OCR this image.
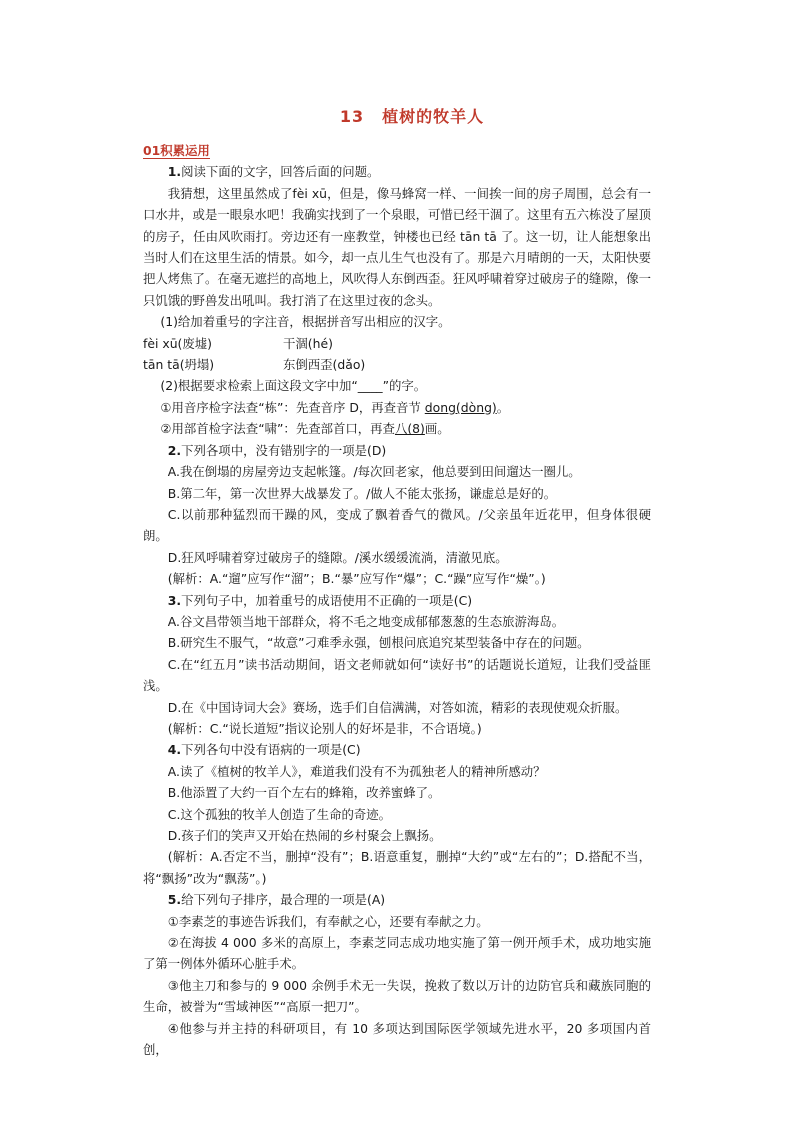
13 植树的牧羊人

01积累运用

1.阅读下面的文字，回答后面的问题。

我猜想，这里虽然成了fèi xū，但是，像马蜂窝一样、一间挨一间的房子周围，总会有一口水井，或是一眼泉水吧！我确实找到了一个泉眼，可惜已经干涸了。这里有五六栋没了屋顶的房子，任由风吹雨打。旁边还有一座教堂，钟楼也已经 tān tā 了。这一切，让人能想象出当时人们在这里生活的情景。如今，却一点儿生气也没有了。那是六月晴朗的一天，太阳快要把人烤焦了。在毫无遮拦的高地上，风吹得人东倒西歪。狂风呼啸着穿过破房子的缝隙，像一只饥饿的野兽发出吼叫。我打消了在这里过夜的念头。

(1)给加着重号的字注音，根据拼音写出相应的汉字。

fèi xū(废墟)	干涸(hé)

tān tā(坍塌)	东倒西歪(dǎo)

(2)根据要求检索上面这段文字中加“____”的字。

①用音序检字法查“栋”：先查音序 D，再查音节 dong(dòng)。

②用部首检字法查“啸”：先查部首口，再查八(8)画。

2.下列各项中，没有错别字的一项是(D)

A.我在倒塌的房屋旁边支起帐篷。/每次回老家，他总要到田间遛达一圈儿。

B.第二年，第一次世界大战暴发了。/做人不能太张扬，谦虚总是好的。

C.以前那种猛烈而干躁的风，变成了飘着香气的微风。/父亲虽年近花甲，但身体很硬朗。

D.狂风呼啸着穿过破房子的缝隙。/溪水缓缓流淌，清澈见底。

(解析：A.“遛”应写作“溜”；B.“暴”应写作“爆”；C.“躁”应写作“燥”。)

3.下列句子中，加着重号的成语使用不正确的一项是(C)

A.谷文昌带领当地干部群众，将不毛之地变成郁郁葱葱的生态旅游海岛。

B.研究生不服气，“故意”刁难季永强，刨根问底追究某型装备中存在的问题。

C.在“红五月”读书活动期间，语文老师就如何“读好书”的话题说长道短，让我们受益匪浅。

D.在《中国诗词大会》赛场，选手们自信满满，对答如流，精彩的表现使观众折服。

(解析：C.“说长道短”指议论别人的好坏是非，不合语境。)

4.下列各句中没有语病的一项是(C)

A.读了《植树的牧羊人》，难道我们没有不为孤独老人的精神所感动？

B.他添置了大约一百个左右的蜂箱，改养蜜蜂了。

C.这个孤独的牧羊人创造了生命的奇迹。

D.孩子们的笑声又开始在热闹的乡村聚会上飘扬。

(解析：A.否定不当，删掉“没有”；B.语意重复，删掉“大约”或“左右的”；D.搭配不当，将“飘扬”改为“飘荡”。)

5.给下列句子排序，最合理的一项是(A)

①李素芝的事迹告诉我们，有奉献之心，还要有奉献之力。

②在海拔 4 000 多米的高原上，李素芝同志成功地实施了第一例开颅手术，成功地实施了第一例体外循环心脏手术。

③他主刀和参与的 9 000 余例手术无一失误，挽救了数以万计的边防官兵和藏族同胞的生命，被誉为“雪域神医”“高原一把刀”。

④他参与并主持的科研项目，有 10 多项达到国际医学领域先进水平，20 多项国内首创，
